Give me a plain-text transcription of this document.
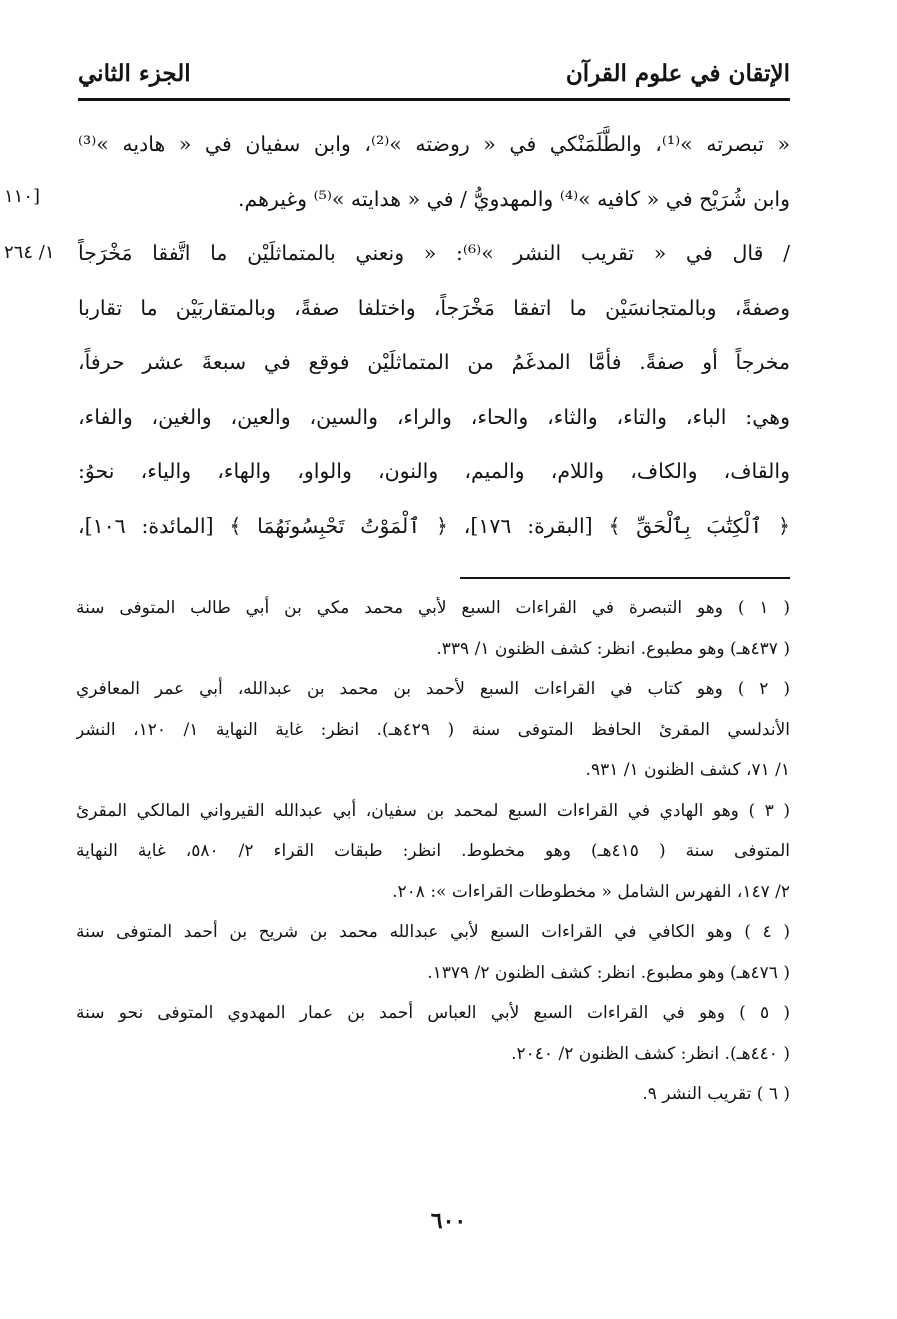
الإتقان في علوم القرآن
الجزء الثاني
[١١٠
١/ ٢٦٤
« تبصرته »⁽¹⁾، والطَّلَمَنْكي في « روضته »⁽²⁾، وابن سفيان في « هاديه »⁽³⁾
وابن شُرَيْح في « كافيه »⁽⁴⁾ والمهدويُّ / في « هدايته »⁽⁵⁾ وغيرهم.
/ قال في « تقريب النشر »⁽⁶⁾: « ونعني بالمتماثلَيْن ما اتَّفقا مَخْرَجاً
وصفةً، وبالمتجانسَيْن ما اتفقا مَخْرَجاً، واختلفا صفةً، وبالمتقاربَيْن ما تقاربا
مخرجاً أو صفةً. فأمَّا المدغَمُ من المتماثلَيْن فوقع في سبعةَ عشر حرفاً،
وهي: الباء، والتاء، والثاء، والحاء، والراء، والسين، والعين، والغين، والفاء،
والقاف، والكاف، واللام، والميم، والنون، والواو، والهاء، والياء، نحوُ:
﴿ ٱلْكِتَٰبَ بِٱلْحَقِّ ﴾ [البقرة: ١٧٦]، ﴿ ٱلْمَوْتُ تَحْبِسُونَهُمَا ﴾ [المائدة: ١٠٦]،
( ١ ) وهو التبصرة في القراءات السبع لأبي محمد مكي بن أبي طالب المتوفى سنة
( ٤٣٧هـ) وهو مطبوع. انظر: كشف الظنون ١/ ٣٣٩.
( ٢ ) وهو كتاب في القراءات السبع لأحمد بن محمد بن عبدالله، أبي عمر المعافري
الأندلسي المقرئ الحافظ المتوفى سنة ( ٤٢٩هـ). انظر: غاية النهاية ١/ ١٢٠، النشر
١/ ٧١، كشف الظنون ١/ ٩٣١.
( ٣ ) وهو الهادي في القراءات السبع لمحمد بن سفيان، أبي عبدالله القيرواني المالكي المقرئ
المتوفى سنة ( ٤١٥هـ) وهو مخطوط. انظر: طبقات القراء ٢/ ٥٨٠، غاية النهاية
٢/ ١٤٧، الفهرس الشامل « مخطوطات القراءات »: ٢٠٨.
( ٤ ) وهو الكافي في القراءات السبع لأبي عبدالله محمد بن شريح بن أحمد المتوفى سنة
( ٤٧٦هـ) وهو مطبوع. انظر: كشف الظنون ٢/ ١٣٧٩.
( ٥ ) وهو في القراءات السبع لأبي العباس أحمد بن عمار المهدوي المتوفى نحو سنة
( ٤٤٠هـ). انظر: كشف الظنون ٢/ ٢٠٤٠.
( ٦ ) تقريب النشر ٩.
٦٠٠
